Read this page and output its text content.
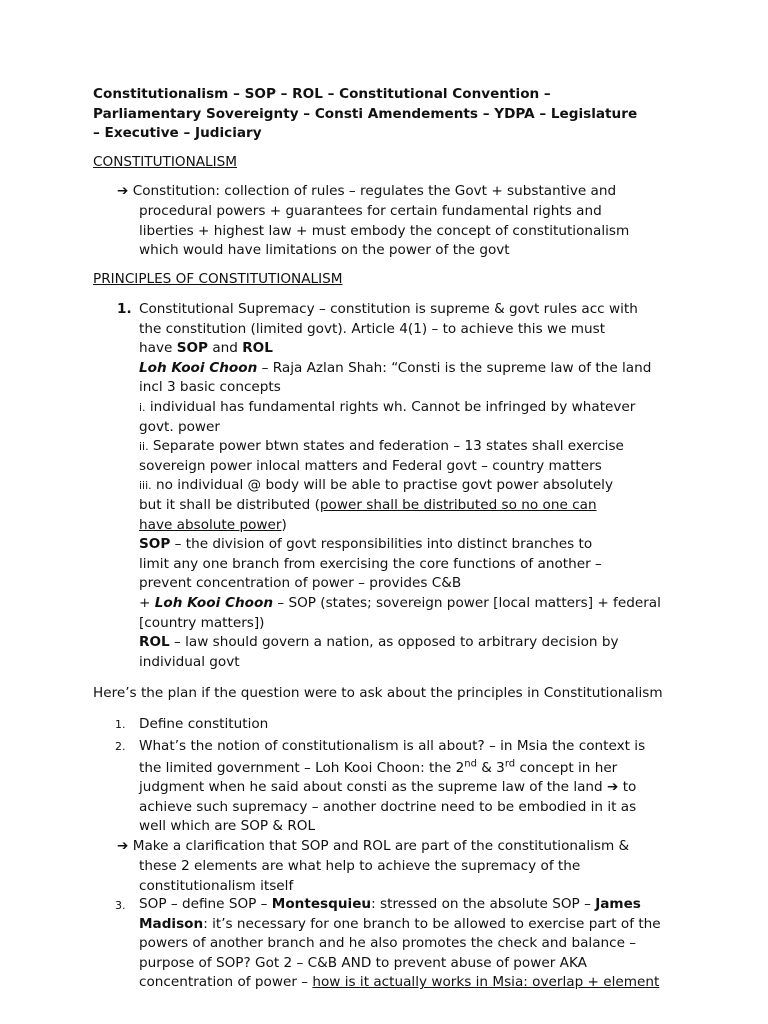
Constitutionalism – SOP – ROL – Constitutional Convention –
Parliamentary Sovereignty – Consti Amendements – YDPA – Legislature
– Executive – Judiciary
CONSTITUTIONALISM
➔ Constitution: collection of rules – regulates the Govt + substantive and
procedural powers + guarantees for certain fundamental rights and
liberties + highest law + must embody the concept of constitutionalism
which would have limitations on the power of the govt
PRINCIPLES OF CONSTITUTIONALISM
1. Constitutional Supremacy – constitution is supreme & govt rules acc with
the constitution (limited govt). Article 4(1) – to achieve this we must
have SOP and ROL
Loh Kooi Choon – Raja Azlan Shah: “Consti is the supreme law of the land
incl 3 basic concepts
i. individual has fundamental rights wh. Cannot be infringed by whatever
govt. power
ii. Separate power btwn states and federation – 13 states shall exercise
sovereign power inlocal matters and Federal govt – country matters
iii. no individual @ body will be able to practise govt power absolutely
but it shall be distributed (power shall be distributed so no one can
have absolute power)
SOP – the division of govt responsibilities into distinct branches to
limit any one branch from exercising the core functions of another –
prevent concentration of power – provides C&B
+ Loh Kooi Choon – SOP (states; sovereign power [local matters] + federal
[country matters])
ROL – law should govern a nation, as opposed to arbitrary decision by
individual govt
Here’s the plan if the question were to ask about the principles in Constitutionalism
1. Define constitution
2. What’s the notion of constitutionalism is all about? – in Msia the context is
the limited government – Loh Kooi Choon: the 2nd & 3rd concept in her
judgment when he said about consti as the supreme law of the land ➔ to
achieve such supremacy – another doctrine need to be embodied in it as
well which are SOP & ROL
➔ Make a clarification that SOP and ROL are part of the constitutionalism &
these 2 elements are what help to achieve the supremacy of the
constitutionalism itself
3. SOP – define SOP – Montesquieu: stressed on the absolute SOP – James
Madison: it’s necessary for one branch to be allowed to exercise part of the
powers of another branch and he also promotes the check and balance –
purpose of SOP? Got 2 – C&B AND to prevent abuse of power AKA
concentration of power – how is it actually works in Msia: overlap + element
